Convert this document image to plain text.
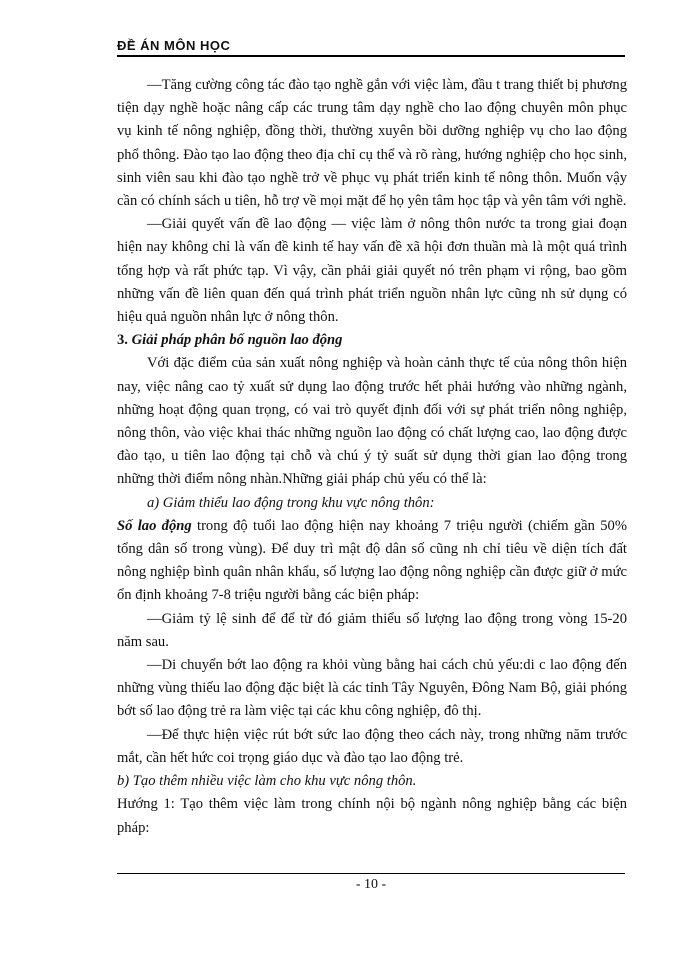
ĐỀ ÁN MÔN HỌC

—Tăng cường công tác đào tạo nghề gắn với việc làm, đầu t trang thiết bị phương tiện dạy nghề hoặc nâng cấp các trung tâm dạy nghề cho lao động chuyên môn phục vụ kinh tế nông nghiệp, đồng thời, thường xuyên bồi dưỡng nghiệp vụ cho lao động phổ thông. Đào tạo lao động theo địa chỉ cụ thể và rõ ràng, hướng nghiệp cho học sinh, sinh viên sau khi đào tạo nghề trở về phục vụ phát triển kinh tế nông thôn. Muốn vậy cần có chính sách u tiên, hỗ trợ về mọi mặt để họ yên tâm học tập và yên tâm với nghề.

—Giải quyết vấn đề lao động — việc làm ở nông thôn nước ta trong giai đoạn hiện nay không chỉ là vấn đề kinh tế hay vấn đề xã hội đơn thuần mà là một quá trình tổng hợp và rất phức tạp. Vì vậy, cần phải giải quyết nó trên phạm vi rộng, bao gồm những vấn đề liên quan đến quá trình phát triển nguồn nhân lực cũng nh sử dụng có hiệu quả nguồn nhân lực ở nông thôn.

3. Giải pháp phân bố nguồn lao động

Với đặc điểm của sản xuất nông nghiệp và hoàn cảnh thực tế của nông thôn hiện nay, việc nâng cao tỷ xuất sử dụng lao động trước hết phải hướng vào những ngành, những hoạt động quan trọng, có vai trò quyết định đối với sự phát triển nông nghiệp, nông thôn, vào việc khai thác những nguồn lao động có chất lượng cao, lao động được đào tạo, u tiên lao động tại chỗ và chú ý tỷ suất sử dụng thời gian lao động trong những thời điểm nông nhàn.Những giải pháp chủ yếu có thể là:

a) Giảm thiểu lao động trong khu vực nông thôn:

Số lao động trong độ tuổi lao động hiện nay khoảng 7 triệu người (chiếm gần 50% tổng dân số trong vùng). Để duy trì mật độ dân số cũng nh chỉ tiêu về diện tích đất nông nghiệp bình quân nhân khẩu, số lượng lao động nông nghiệp cần được giữ ở mức ổn định khoảng 7-8 triệu người bằng các biện pháp:

—Giảm tỷ lệ sinh để để từ đó giảm thiểu số lượng lao động trong vòng 15-20 năm sau.

—Di chuyển bớt lao động ra khỏi vùng bằng hai cách chủ yếu:di c lao động đến những vùng thiếu lao động đặc biệt là các tỉnh Tây Nguyên, Đông Nam Bộ, giải phóng bớt số lao động trẻ ra làm việc tại các khu công nghiệp, đô thị.

—Để thực hiện việc rút bớt sức lao động theo cách này, trong những năm trước mắt, cần hết hức coi trọng giáo dục và đào tạo lao động trẻ.

b) Tạo thêm nhiều việc làm cho khu vực nông thôn.

Hướng 1: Tạo thêm việc làm trong chính nội bộ ngành nông nghiệp bằng các biện pháp:

- 10 -
